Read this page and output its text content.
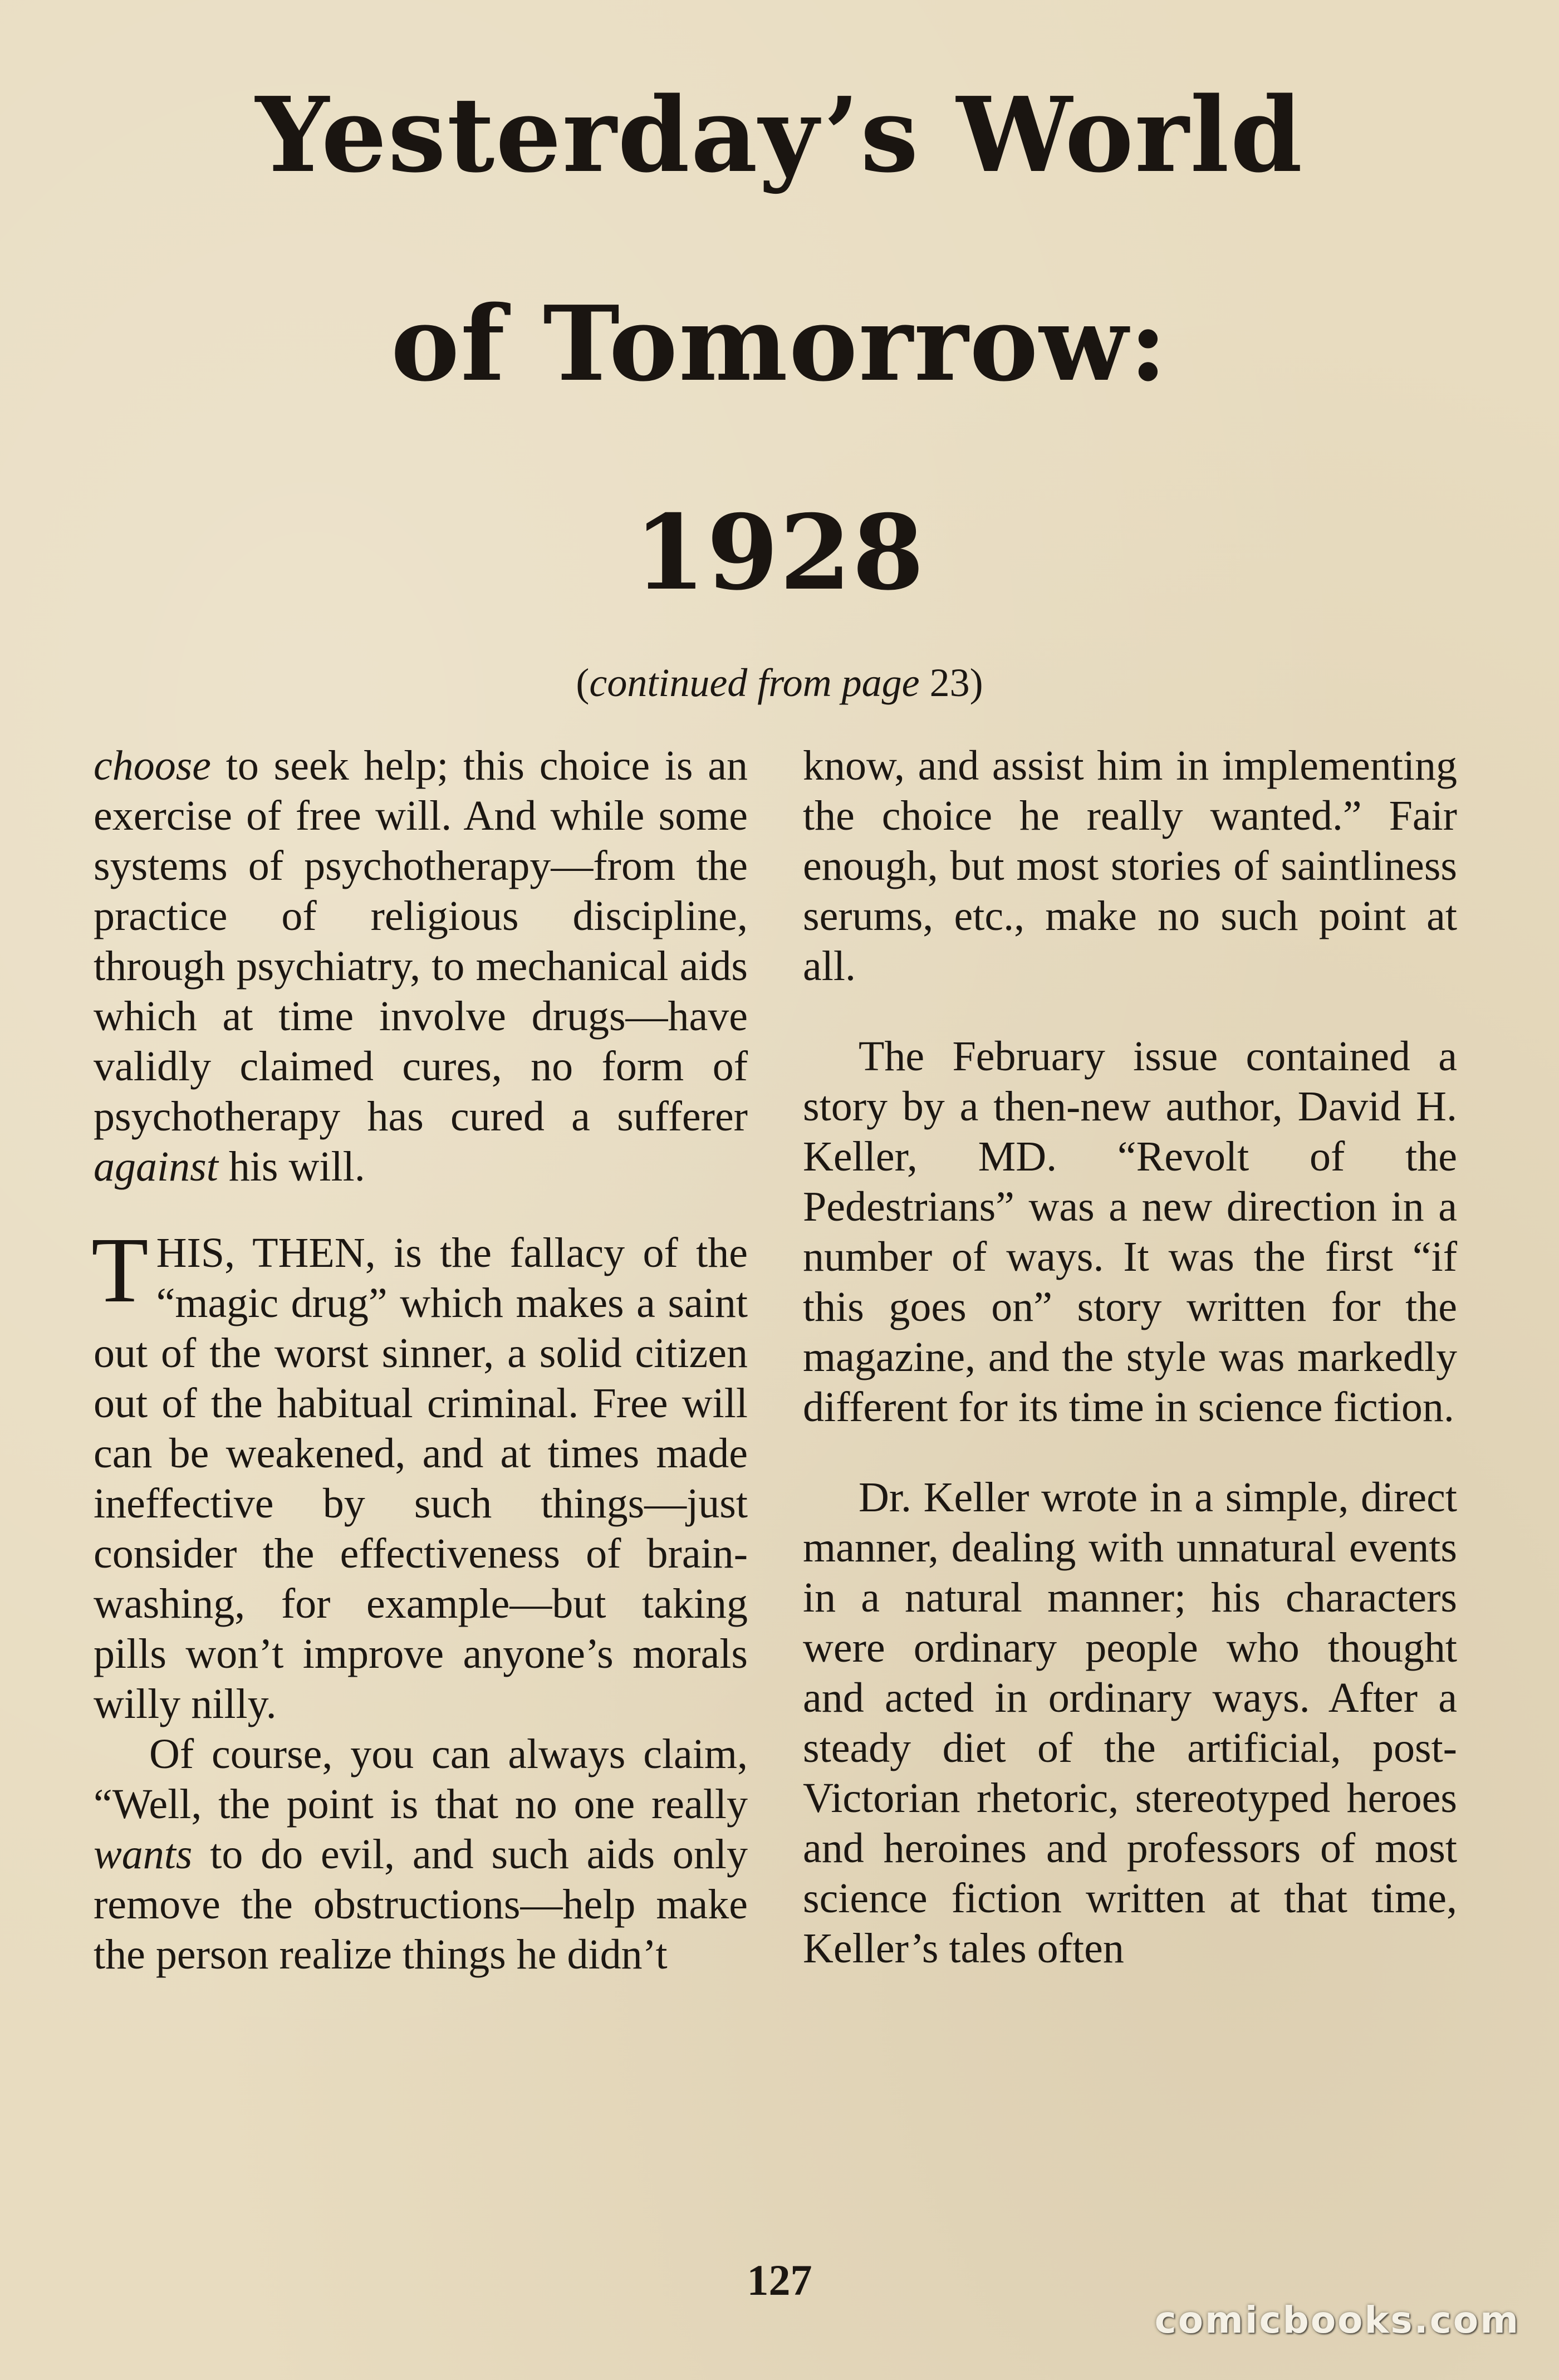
Yesterday’s World
of Tomorrow:
1928
(continued from page 23)

choose to seek help; this choice is an exercise of free will. And while some systems of psychotherapy—from the practice of religious discipline, through psychiatry, to mechanical aids which at time involve drugs—have validly claimed cures, no form of psychotherapy has cured a sufferer against his will.

THIS, THEN, is the fallacy of the “magic drug” which makes a saint out of the worst sinner, a solid citizen out of the habitual criminal. Free will can be weakened, and at times made ineffective by such things—just consider the effectiveness of brain-washing, for example—but taking pills won’t improve anyone’s morals willy nilly.

Of course, you can always claim, “Well, the point is that no one really wants to do evil, and such aids only remove the obstructions—help make the person realize things he didn’t

know, and assist him in implementing the choice he really wanted.” Fair enough, but most stories of saintliness serums, etc., make no such point at all.

The February issue contained a story by a then-new author, David H. Keller, MD. “Revolt of the Pedestrians” was a new direction in a number of ways. It was the first “if this goes on” story written for the magazine, and the style was markedly different for its time in science fiction.

Dr. Keller wrote in a simple, direct manner, dealing with unnatural events in a natural manner; his characters were ordinary people who thought and acted in ordinary ways. After a steady diet of the artificial, post-Victorian rhetoric, stereotyped heroes and heroines and professors of most science fiction written at that time, Keller’s tales often

127
comicbooks.com
